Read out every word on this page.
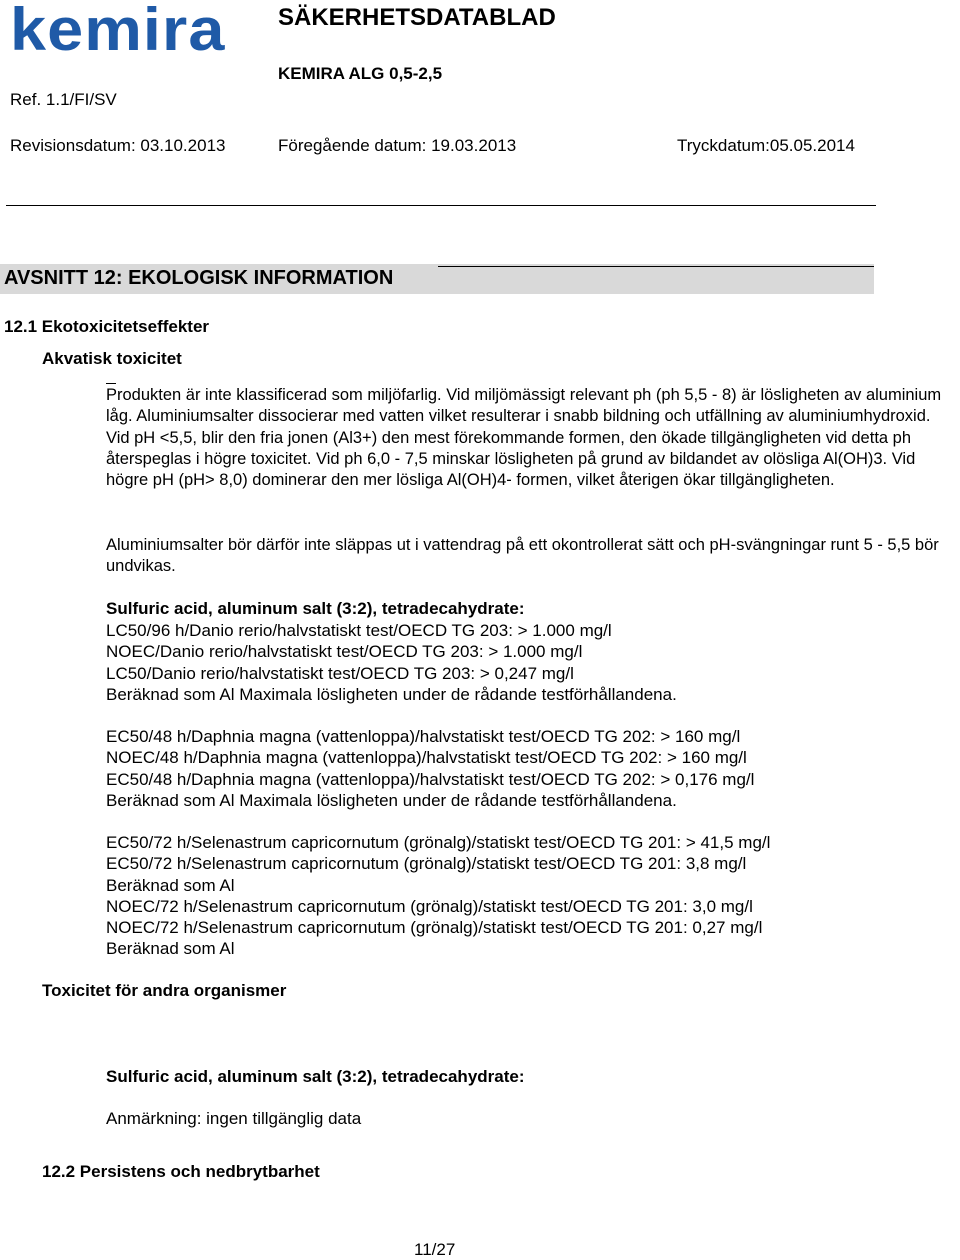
kemira SÄKERHETSDATABLAD
KEMIRA ALG 0,5-2,5
Ref. 1.1/FI/SV
Revisionsdatum: 03.10.2013	Föregående datum: 19.03.2013	Tryckdatum:05.05.2014
AVSNITT 12: EKOLOGISK INFORMATION
12.1 Ekotoxicitetseffekter
Akvatisk toxicitet
Produkten är inte klassificerad som miljöfarlig. Vid miljömässigt relevant ph (ph 5,5 - 8) är lösligheten av aluminium låg. Aluminiumsalter dissocierar med vatten vilket resulterar i snabb bildning och utfällning av aluminiumhydroxid. Vid pH <5,5, blir den fria jonen (Al3+) den mest förekommande formen, den ökade tillgängligheten vid detta ph återspeglas i högre toxicitet. Vid ph 6,0 - 7,5 minskar lösligheten på grund av bildandet av olösliga Al(OH)3. Vid högre pH (pH> 8,0) dominerar den mer lösliga Al(OH)4- formen, vilket återigen ökar tillgängligheten.
Aluminiumsalter bör därför inte släppas ut i vattendrag på ett okontrollerat sätt och pH-svängningar runt 5 - 5,5 bör undvikas.
Sulfuric acid, aluminum salt (3:2), tetradecahydrate:
LC50/96 h/Danio rerio/halvstatiskt test/OECD TG 203: > 1.000 mg/l
NOEC/Danio rerio/halvstatiskt test/OECD TG 203: > 1.000 mg/l
LC50/Danio rerio/halvstatiskt test/OECD TG 203: > 0,247 mg/l
Beräknad som Al Maximala lösligheten under de rådande testförhållandena.
EC50/48 h/Daphnia magna (vattenloppa)/halvstatiskt test/OECD TG 202: > 160 mg/l
NOEC/48 h/Daphnia magna (vattenloppa)/halvstatiskt test/OECD TG 202: > 160 mg/l
EC50/48 h/Daphnia magna (vattenloppa)/halvstatiskt test/OECD TG 202: > 0,176 mg/l
Beräknad som Al Maximala lösligheten under de rådande testförhållandena.
EC50/72 h/Selenastrum capricornutum (grönalg)/statiskt test/OECD TG 201: > 41,5 mg/l
EC50/72 h/Selenastrum capricornutum (grönalg)/statiskt test/OECD TG 201: 3,8 mg/l
Beräknad som Al
NOEC/72 h/Selenastrum capricornutum (grönalg)/statiskt test/OECD TG 201: 3,0 mg/l
NOEC/72 h/Selenastrum capricornutum (grönalg)/statiskt test/OECD TG 201: 0,27 mg/l
Beräknad som Al
Toxicitet för andra organismer
Sulfuric acid, aluminum salt (3:2), tetradecahydrate:
Anmärkning: ingen tillgänglig data
12.2 Persistens och nedbrytbarhet
11/27
